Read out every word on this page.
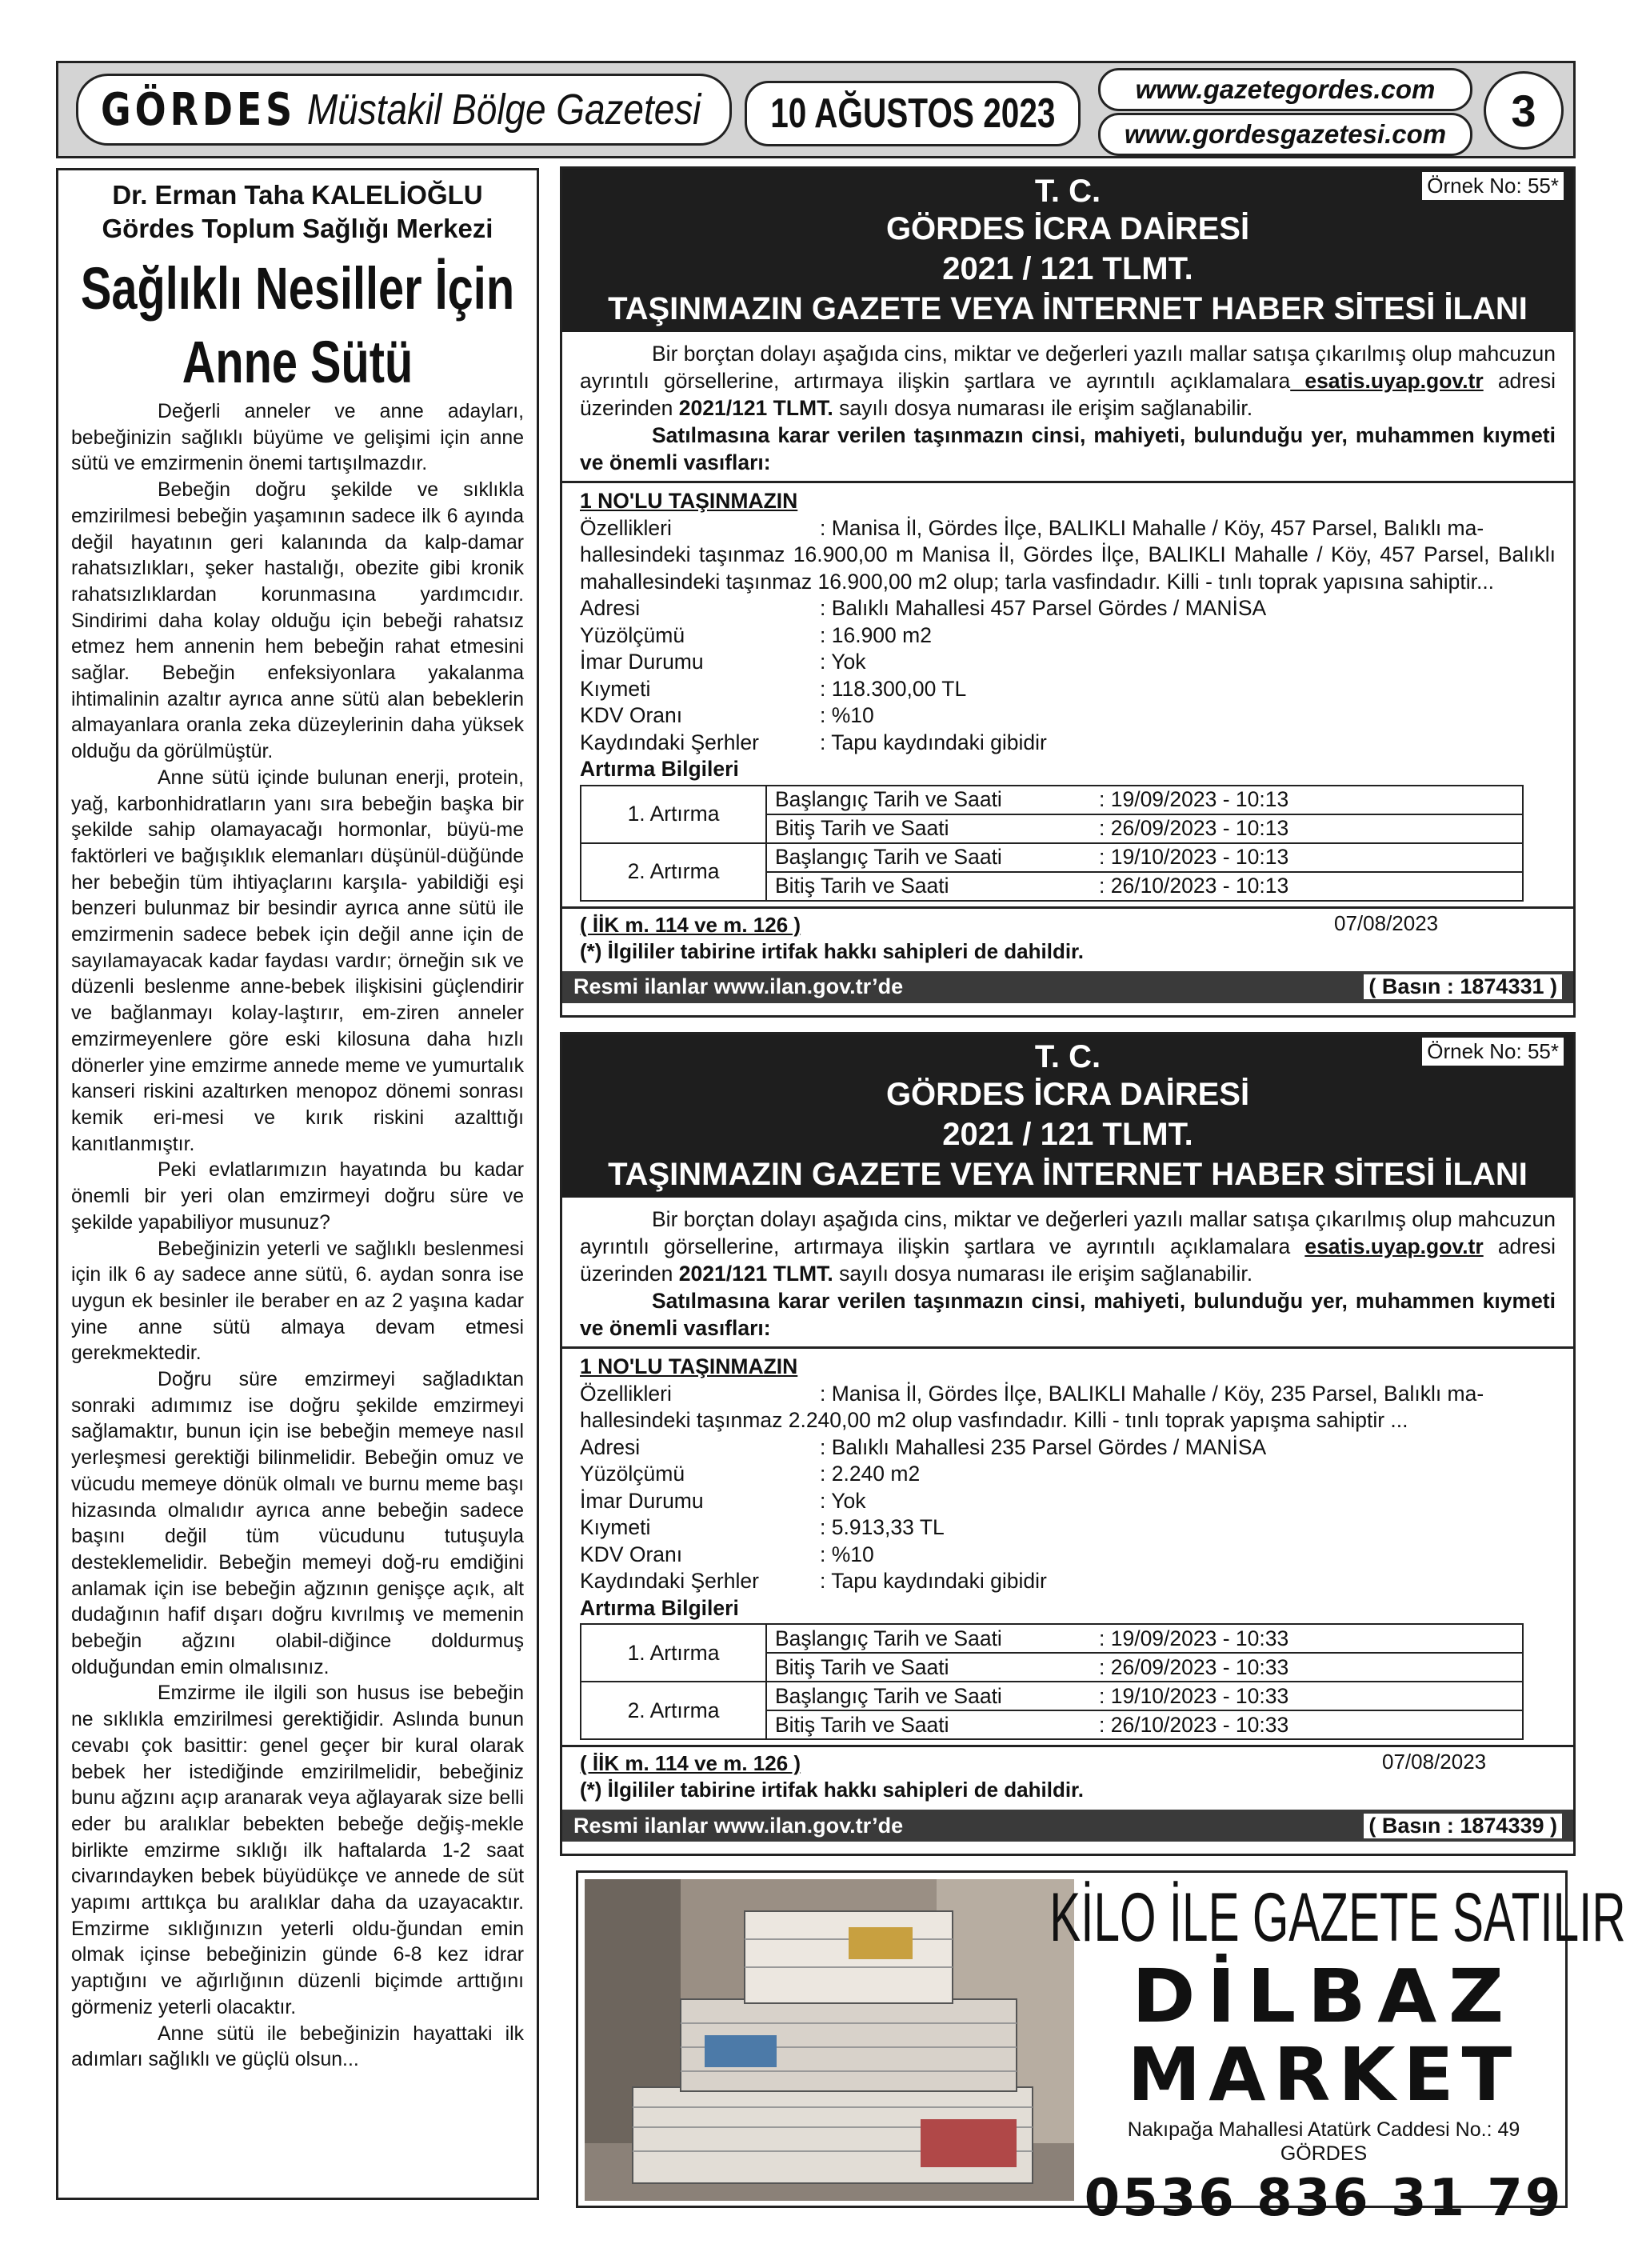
GÖRDES Müstakil Bölge Gazetesi 10 AĞUSTOS 2023
www.gazetegordes.com
www.gordesgazetesi.com 3
Dr. Erman Taha KALELİOĞLU
Gördes Toplum Sağlığı Merkezi
Sağlıklı Nesiller İçin
Anne Sütü

Değerli anneler ve anne adayları, bebeğinizin sağlıklı büyüme ve gelişimi için anne sütü ve emzirmenin önemi tartışılmazdır.

Bebeğin doğru şekilde ve sıklıkla emzirilmesi bebeğin yaşamının sadece ilk 6 ayında değil hayatının geri kalanında da kalp-damar rahatsızlıkları, şeker hastalığı, obezite gibi kronik rahatsızlıklardan korunmasına yardımcıdır. Sindirimi daha kolay olduğu için bebeği rahatsız etmez hem annenin hem bebeğin rahat etmesini sağlar. Bebeğin enfeksiyonlara yakalanma ihtimalinin azaltır ayrıca anne sütü alan bebeklerin almayanlara oranla zeka düzeylerinin daha yüksek olduğu da görülmüştür.

Anne sütü içinde bulunan enerji, protein, yağ, karbonhidratların yanı sıra bebeğin başka bir şekilde sahip olamayacağı hormonlar, büyü-me faktörleri ve bağışıklık elemanları düşünül-düğünde her bebeğin tüm ihtiyaçlarını karşıla- yabildiği eşi benzeri bulunmaz bir besindir ayrıca anne sütü ile emzirmenin sadece bebek için değil anne için de sayılamayacak kadar faydası vardır; örneğin sık ve düzenli beslenme anne-bebek ilişkisini güçlendirir ve bağlanmayı kolay-laştırır, em-ziren anneler emzirmeyenlere göre eski kilosuna daha hızlı dönerler yine emzirme annede meme ve yumurtalık kanseri riskini azaltırken menopoz dönemi sonrası kemik eri-mesi ve kırık riskini azalttığı kanıtlanmıştır.

Peki evlatlarımızın hayatında bu kadar önemli bir yeri olan emzirmeyi doğru süre ve şekilde yapabiliyor musunuz?

Bebeğinizin yeterli ve sağlıklı beslenmesi için ilk 6 ay sadece anne sütü, 6. aydan sonra ise uygun ek besinler ile beraber en az 2 yaşına kadar yine anne sütü almaya devam etmesi gerekmektedir.

Doğru süre emzirmeyi sağladıktan sonraki adımımız ise doğru şekilde emzirmeyi sağlamaktır, bunun için ise bebeğin memeye nasıl yerleşmesi gerektiği bilinmelidir. Bebeğin omuz ve vücudu memeye dönük olmalı ve burnu meme başı hizasında olmalıdır ayrıca anne bebeğin sadece başını değil tüm vücudunu tutuşuyla desteklemelidir. Bebeğin memeyi doğ-ru emdiğini anlamak için ise bebeğin ağzının genişçe açık, alt dudağının hafif dışarı doğru kıvrılmış ve memenin bebeğin ağzını olabil-diğince doldurmuş olduğundan emin olmalısınız.

Emzirme ile ilgili son husus ise bebeğin ne sıklıkla emzirilmesi gerektiğidir. Aslında bunun cevabı çok basittir: genel geçer bir kural olarak bebek her istediğinde emzirilmelidir, bebeğiniz bunu ağzını açıp aranarak veya ağlayarak size belli eder bu aralıklar bebekten bebeğe değiş-mekle birlikte emzirme sıklığı ilk haftalarda 1-2 saat civarındayken bebek büyüdükçe ve annede de süt yapımı arttıkça bu aralıklar daha da uzayacaktır. Emzirme sıklığınızın yeterli oldu-ğundan emin olmak içinse bebeğinizin günde 6-8 kez idrar yaptığını ve ağırlığının düzenli biçimde arttığını görmeniz yeterli olacaktır.

Anne sütü ile bebeğinizin hayattaki ilk adımları sağlıklı ve güçlü olsun...

T. C.
GÖRDES İCRA DAİRESİ
2021 / 121 TLMT.
TAŞINMAZIN GAZETE VEYA İNTERNET HABER SİTESİ İLANI
Örnek No: 55*

Bir borçtan dolayı aşağıda cins, miktar ve değerleri yazılı mallar satışa çıkarılmış olup mahcuzun ayrıntılı görsellerine, artırmaya ilişkin şartlara ve ayrıntılı açıklamalara esatis.uyap.gov.tr adresi üzerinden 2021/121 TLMT. sayılı dosya numarası ile erişim sağlanabilir.

Satılmasına karar verilen taşınmazın cinsi, mahiyeti, bulunduğu yer, muhammen kıymeti ve önemli vasıfları:

1 NO'LU TAŞINMAZIN
Özellikleri	: Manisa İl, Gördes İlçe, BALIKLI Mahalle / Köy, 457 Parsel, Balıklı ma-
hallesindeki taşınmaz 16.900,00 m Manisa İl, Gördes İlçe, BALIKLI Mahalle / Köy, 457 Parsel, Balıklı mahallesindeki taşınmaz 16.900,00 m2 olup; tarla vasfindadır. Killi - tınlı toprak yapısına sahiptir...
Adresi	: Balıklı Mahallesi 457 Parsel Gördes / MANİSA
Yüzölçümü	: 16.900 m2
İmar Durumu	: Yok
Kıymeti	: 118.300,00 TL
KDV Oranı	: %10
Kaydındaki Şerhler	: Tapu kaydındaki gibidir
Artırma Bilgileri
1. Artırma	Başlangıç Tarih ve Saati	: 19/09/2023 - 10:13
	Bitiş Tarih ve Saati	: 26/09/2023 - 10:13
2. Artırma	Başlangıç Tarih ve Saati	: 19/10/2023 - 10:13
	Bitiş Tarih ve Saati	: 26/10/2023 - 10:13
( İİK m. 114 ve m. 126 )	07/08/2023
(*) İlgililer tabirine irtifak hakkı sahipleri de dahildir.
Resmi ilanlar www.ilan.gov.tr’de	( Basın : 1874331 )
T. C.
GÖRDES İCRA DAİRESİ
2021 / 121 TLMT.
TAŞINMAZIN GAZETE VEYA İNTERNET HABER SİTESİ İLANI
Örnek No: 55*

Bir borçtan dolayı aşağıda cins, miktar ve değerleri yazılı mallar satışa çıkarılmış olup mahcuzun ayrıntılı görsellerine, artırmaya ilişkin şartlara ve ayrıntılı açıklamalara esatis.uyap.gov.tr adresi üzerinden 2021/121 TLMT. sayılı dosya numarası ile erişim sağlanabilir.

Satılmasına karar verilen taşınmazın cinsi, mahiyeti, bulunduğu yer, muhammen kıymeti ve önemli vasıfları:

1 NO'LU TAŞINMAZIN
Özellikleri	: Manisa İl, Gördes İlçe, BALIKLI Mahalle / Köy, 235 Parsel, Balıklı ma-
hallesindeki taşınmaz 2.240,00 m2 olup vasfındadır. Killi - tınlı toprak yapışma sahiptir ...
Adresi	: Balıklı Mahallesi 235 Parsel Gördes / MANİSA
Yüzölçümü	: 2.240 m2
İmar Durumu	: Yok
Kıymeti	: 5.913,33 TL
KDV Oranı	: %10
Kaydındaki Şerhler	: Tapu kaydındaki gibidir
Artırma Bilgileri
1. Artırma	Başlangıç Tarih ve Saati	: 19/09/2023 - 10:33
	Bitiş Tarih ve Saati	: 26/09/2023 - 10:33
2. Artırma	Başlangıç Tarih ve Saati	: 19/10/2023 - 10:33
	Bitiş Tarih ve Saati	: 26/10/2023 - 10:33
( İİK m. 114 ve m. 126 )	07/08/2023
(*) İlgililer tabirine irtifak hakkı sahipleri de dahildir.
Resmi ilanlar www.ilan.gov.tr’de	( Basın : 1874339 )
KİLO İLE GAZETE SATILIR
DİLBAZ
MARKET
Nakıpağa Mahallesi Atatürk Caddesi No.: 49
GÖRDES
0536 836 31 79
